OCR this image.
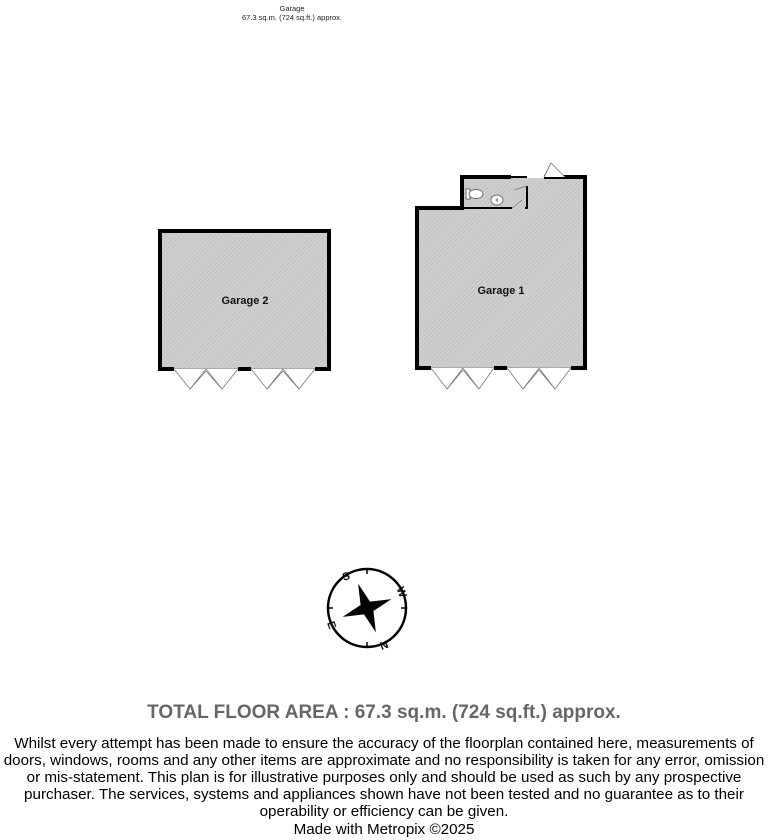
Garage
67.3 sq.m. (724 sq.ft.) approx.
Garage 2
Garage 1
S
W
N
E
TOTAL FLOOR AREA : 67.3 sq.m. (724 sq.ft.) approx.
Whilst every attempt has been made to ensure the accuracy of the floorplan contained here, measurements of doors, windows, rooms and any other items are approximate and no responsibility is taken for any error, omission or mis-statement. This plan is for illustrative purposes only and should be used as such by any prospective purchaser. The services, systems and appliances shown have not been tested and no guarantee as to their operability or efficiency can be given.
Made with Metropix ©2025
